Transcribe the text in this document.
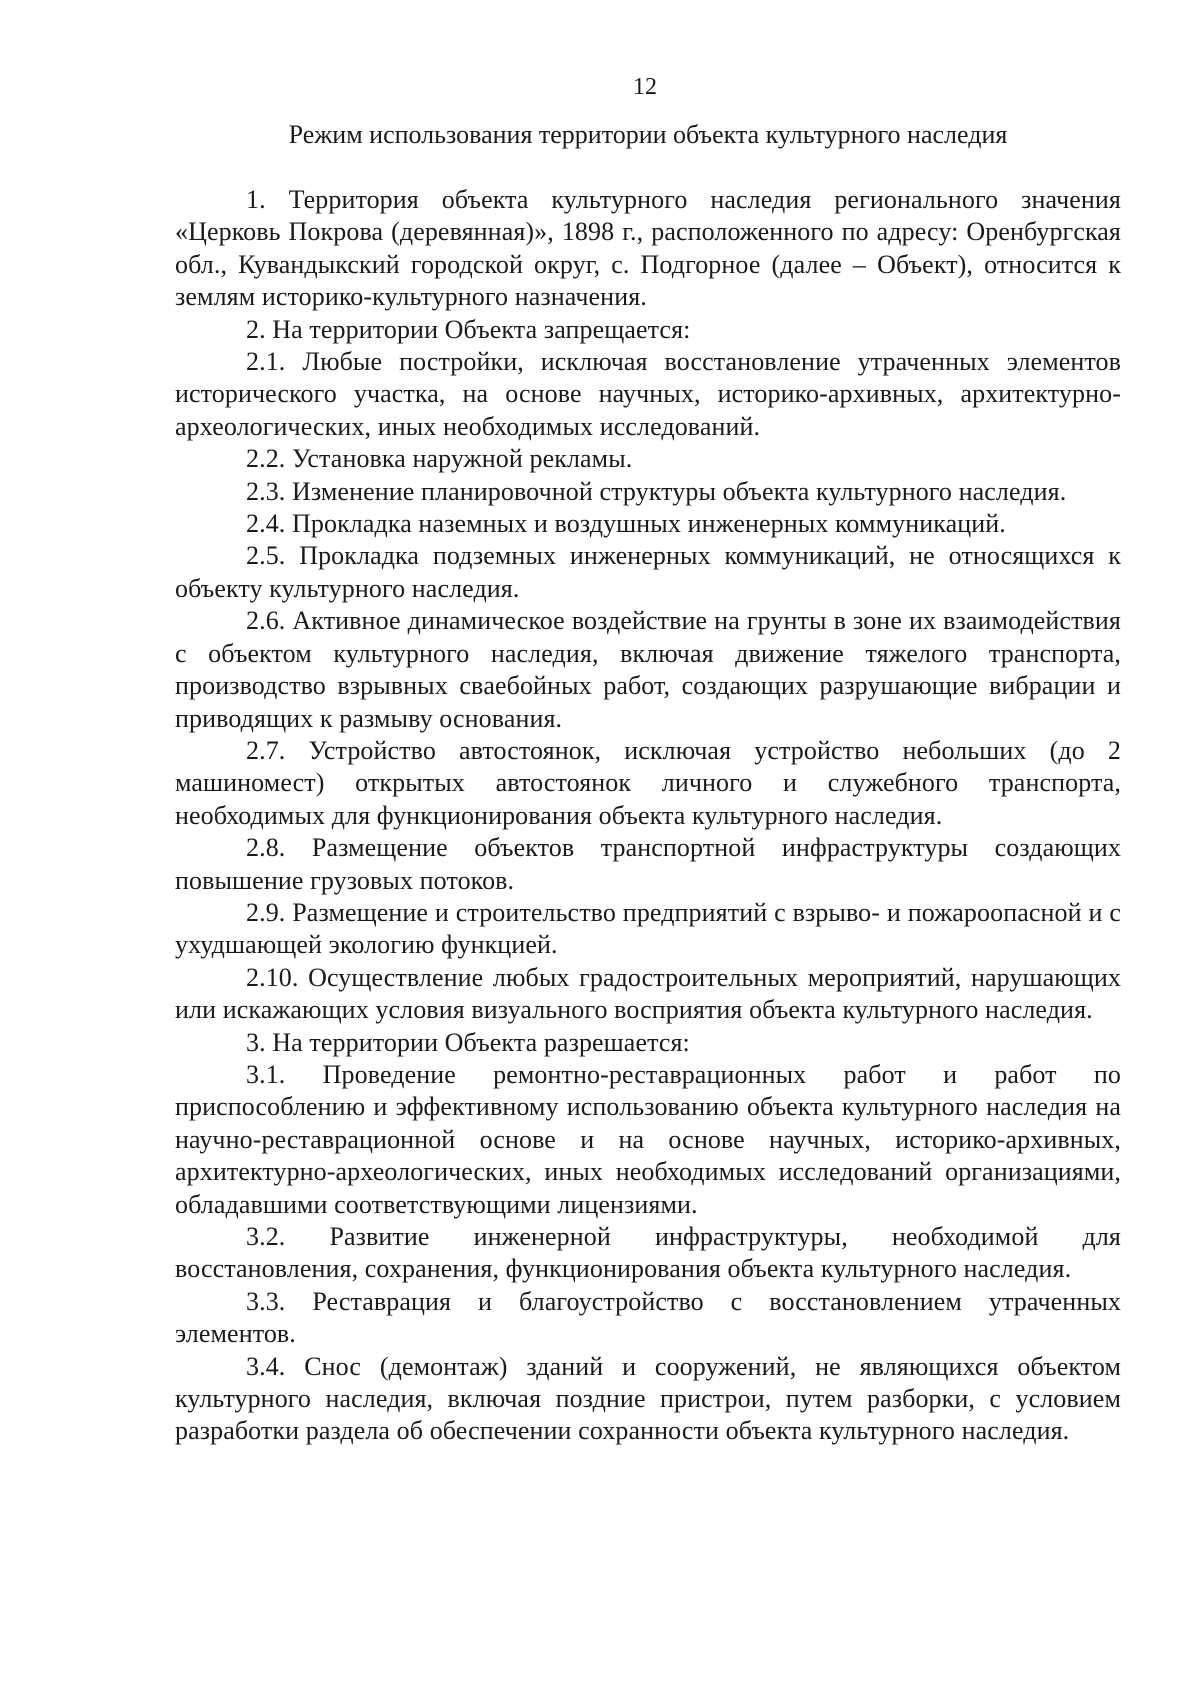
12
Режим использования территории объекта культурного наследия

1. Территория объекта культурного наследия регионального значения «Церковь Покрова (деревянная)», 1898 г., расположенного по адресу: Оренбургская обл., Кувандыкский городской округ, с. Подгорное (далее – Объект), относится к землям историко-культурного назначения.

2. На территории Объекта запрещается:

2.1. Любые постройки, исключая восстановление утраченных элементов исторического участка, на основе научных, историко-архивных, архитектурно-археологических, иных необходимых исследований.

2.2. Установка наружной рекламы.

2.3. Изменение планировочной структуры объекта культурного наследия.

2.4. Прокладка наземных и воздушных инженерных коммуникаций.

2.5. Прокладка подземных инженерных коммуникаций, не относящихся к объекту культурного наследия.

2.6. Активное динамическое воздействие на грунты в зоне их взаимодействия с объектом культурного наследия, включая движение тяжелого транспорта, производство взрывных свaебойных работ, создающих разрушающие вибрации и приводящих к размыву основания.

2.7. Устройство автостоянок, исключая устройство небольших (до 2 машиномест) открытых автостоянок личного и служебного транспорта, необходимых для функционирования объекта культурного наследия.

2.8. Размещение объектов транспортной инфраструктуры создающих повышение грузовых потоков.

2.9. Размещение и строительство предприятий с взрыво- и пожароопасной и с ухудшающей экологию функцией.

2.10. Осуществление любых градостроительных мероприятий, нарушающих или искажающих условия визуального восприятия объекта культурного наследия.

3. На территории Объекта разрешается:

3.1. Проведение ремонтно-реставрационных работ и работ по приспособлению и эффективному использованию объекта культурного наследия на научно-реставрационной основе и на основе научных, историко-архивных, архитектурно-археологических, иных необходимых исследований организациями, обладавшими соответствующими лицензиями.

3.2. Развитие инженерной инфраструктуры, необходимой для восстановления, сохранения, функционирования объекта культурного наследия.

3.3. Реставрация и благоустройство с восстановлением утраченных элементов.

3.4. Снос (демонтаж) зданий и сооружений, не являющихся объектом культурного наследия, включая поздние пристрои, путем разборки, с условием разработки раздела об обеспечении сохранности объекта культурного наследия.
